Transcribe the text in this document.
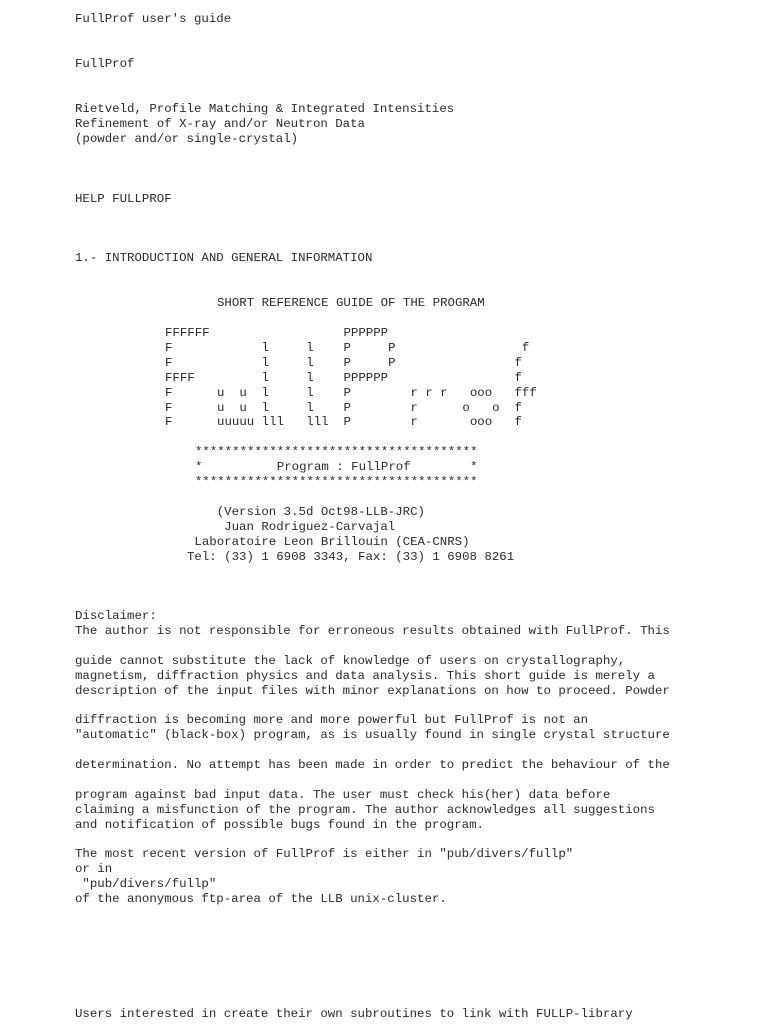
FullProf user's guide
FullProf
Rietveld, Profile Matching & Integrated Intensities
Refinement of X-ray and/or Neutron Data
(powder and/or single-crystal)
HELP FULLPROF
1.- INTRODUCTION AND GENERAL INFORMATION
SHORT REFERENCE GUIDE OF THE PROGRAM
FFFFFF                  PPPPPP
F            l     l    P     P                 f
F            l     l    P     P                f
FFFF         l     l    PPPPPP                 f
F      u  u  l     l    P        r r r   ooo   fff
F      u  u  l     l    P        r      o   o  f
F      uuuuu lll   lll  P        r       ooo   f
**************************************
*          Program : FullProf        *
**************************************
(Version 3.5d Oct98-LLB-JRC)
Juan Rodriguez-Carvajal
Laboratoire Leon Brillouin (CEA-CNRS)
Tel: (33) 1 6908 3343, Fax: (33) 1 6908 8261
Disclaimer:
The author is not responsible for erroneous results obtained with FullProf. This
guide cannot substitute the lack of knowledge of users on crystallography,
magnetism, diffraction physics and data analysis. This short guide is merely a
description of the input files with minor explanations on how to proceed. Powder
diffraction is becoming more and more powerful but FullProf is not an
"automatic" (black-box) program, as is usually found in single crystal structure
determination. No attempt has been made in order to predict the behaviour of the
program against bad input data. The user must check his(her) data before
claiming a misfunction of the program. The author acknowledges all suggestions
and notification of possible bugs found in the program.
The most recent version of FullProf is either in "pub/divers/fullp"
or in
"pub/divers/fullp"
of the anonymous ftp-area of the LLB unix-cluster.
Users interested in create their own subroutines to link with FULLP-library
